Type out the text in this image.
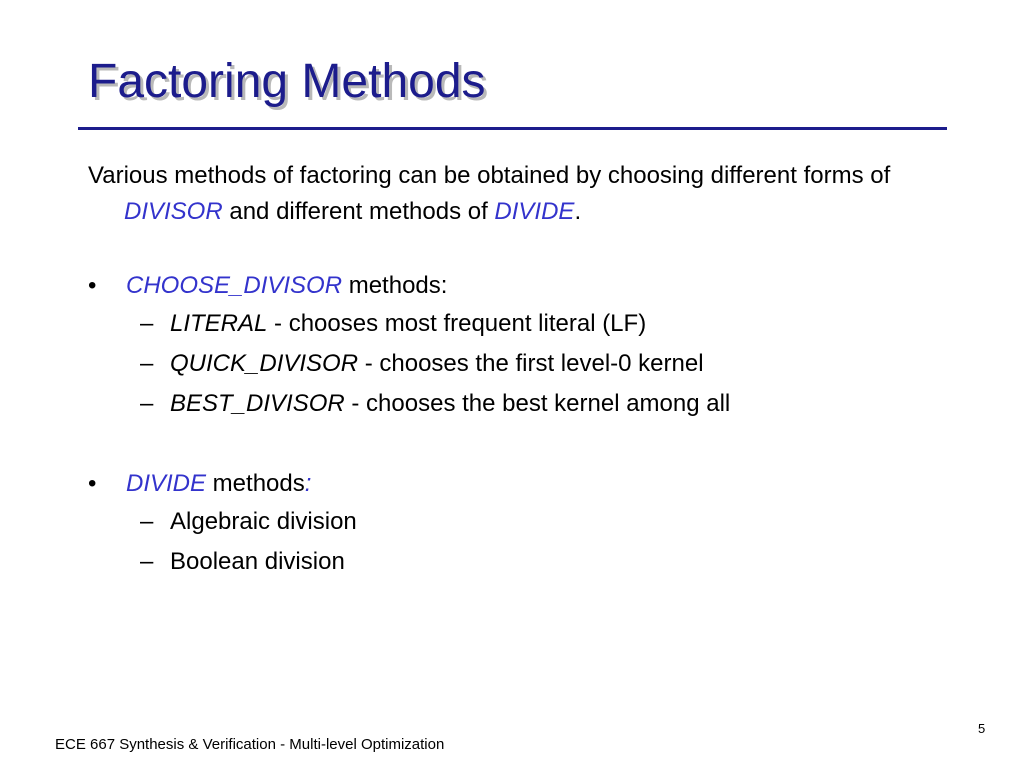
Factoring Methods

Various methods of factoring can be obtained by choosing different forms of DIVISOR and different methods of DIVIDE.

• CHOOSE_DIVISOR methods:

– LITERAL - chooses most frequent literal (LF)

– QUICK_DIVISOR - chooses the first level-0 kernel

– BEST_DIVISOR - chooses the best kernel among all

• DIVIDE methods:

– Algebraic division

– Boolean division

5
ECE 667 Synthesis & Verification - Multi-level Optimization
